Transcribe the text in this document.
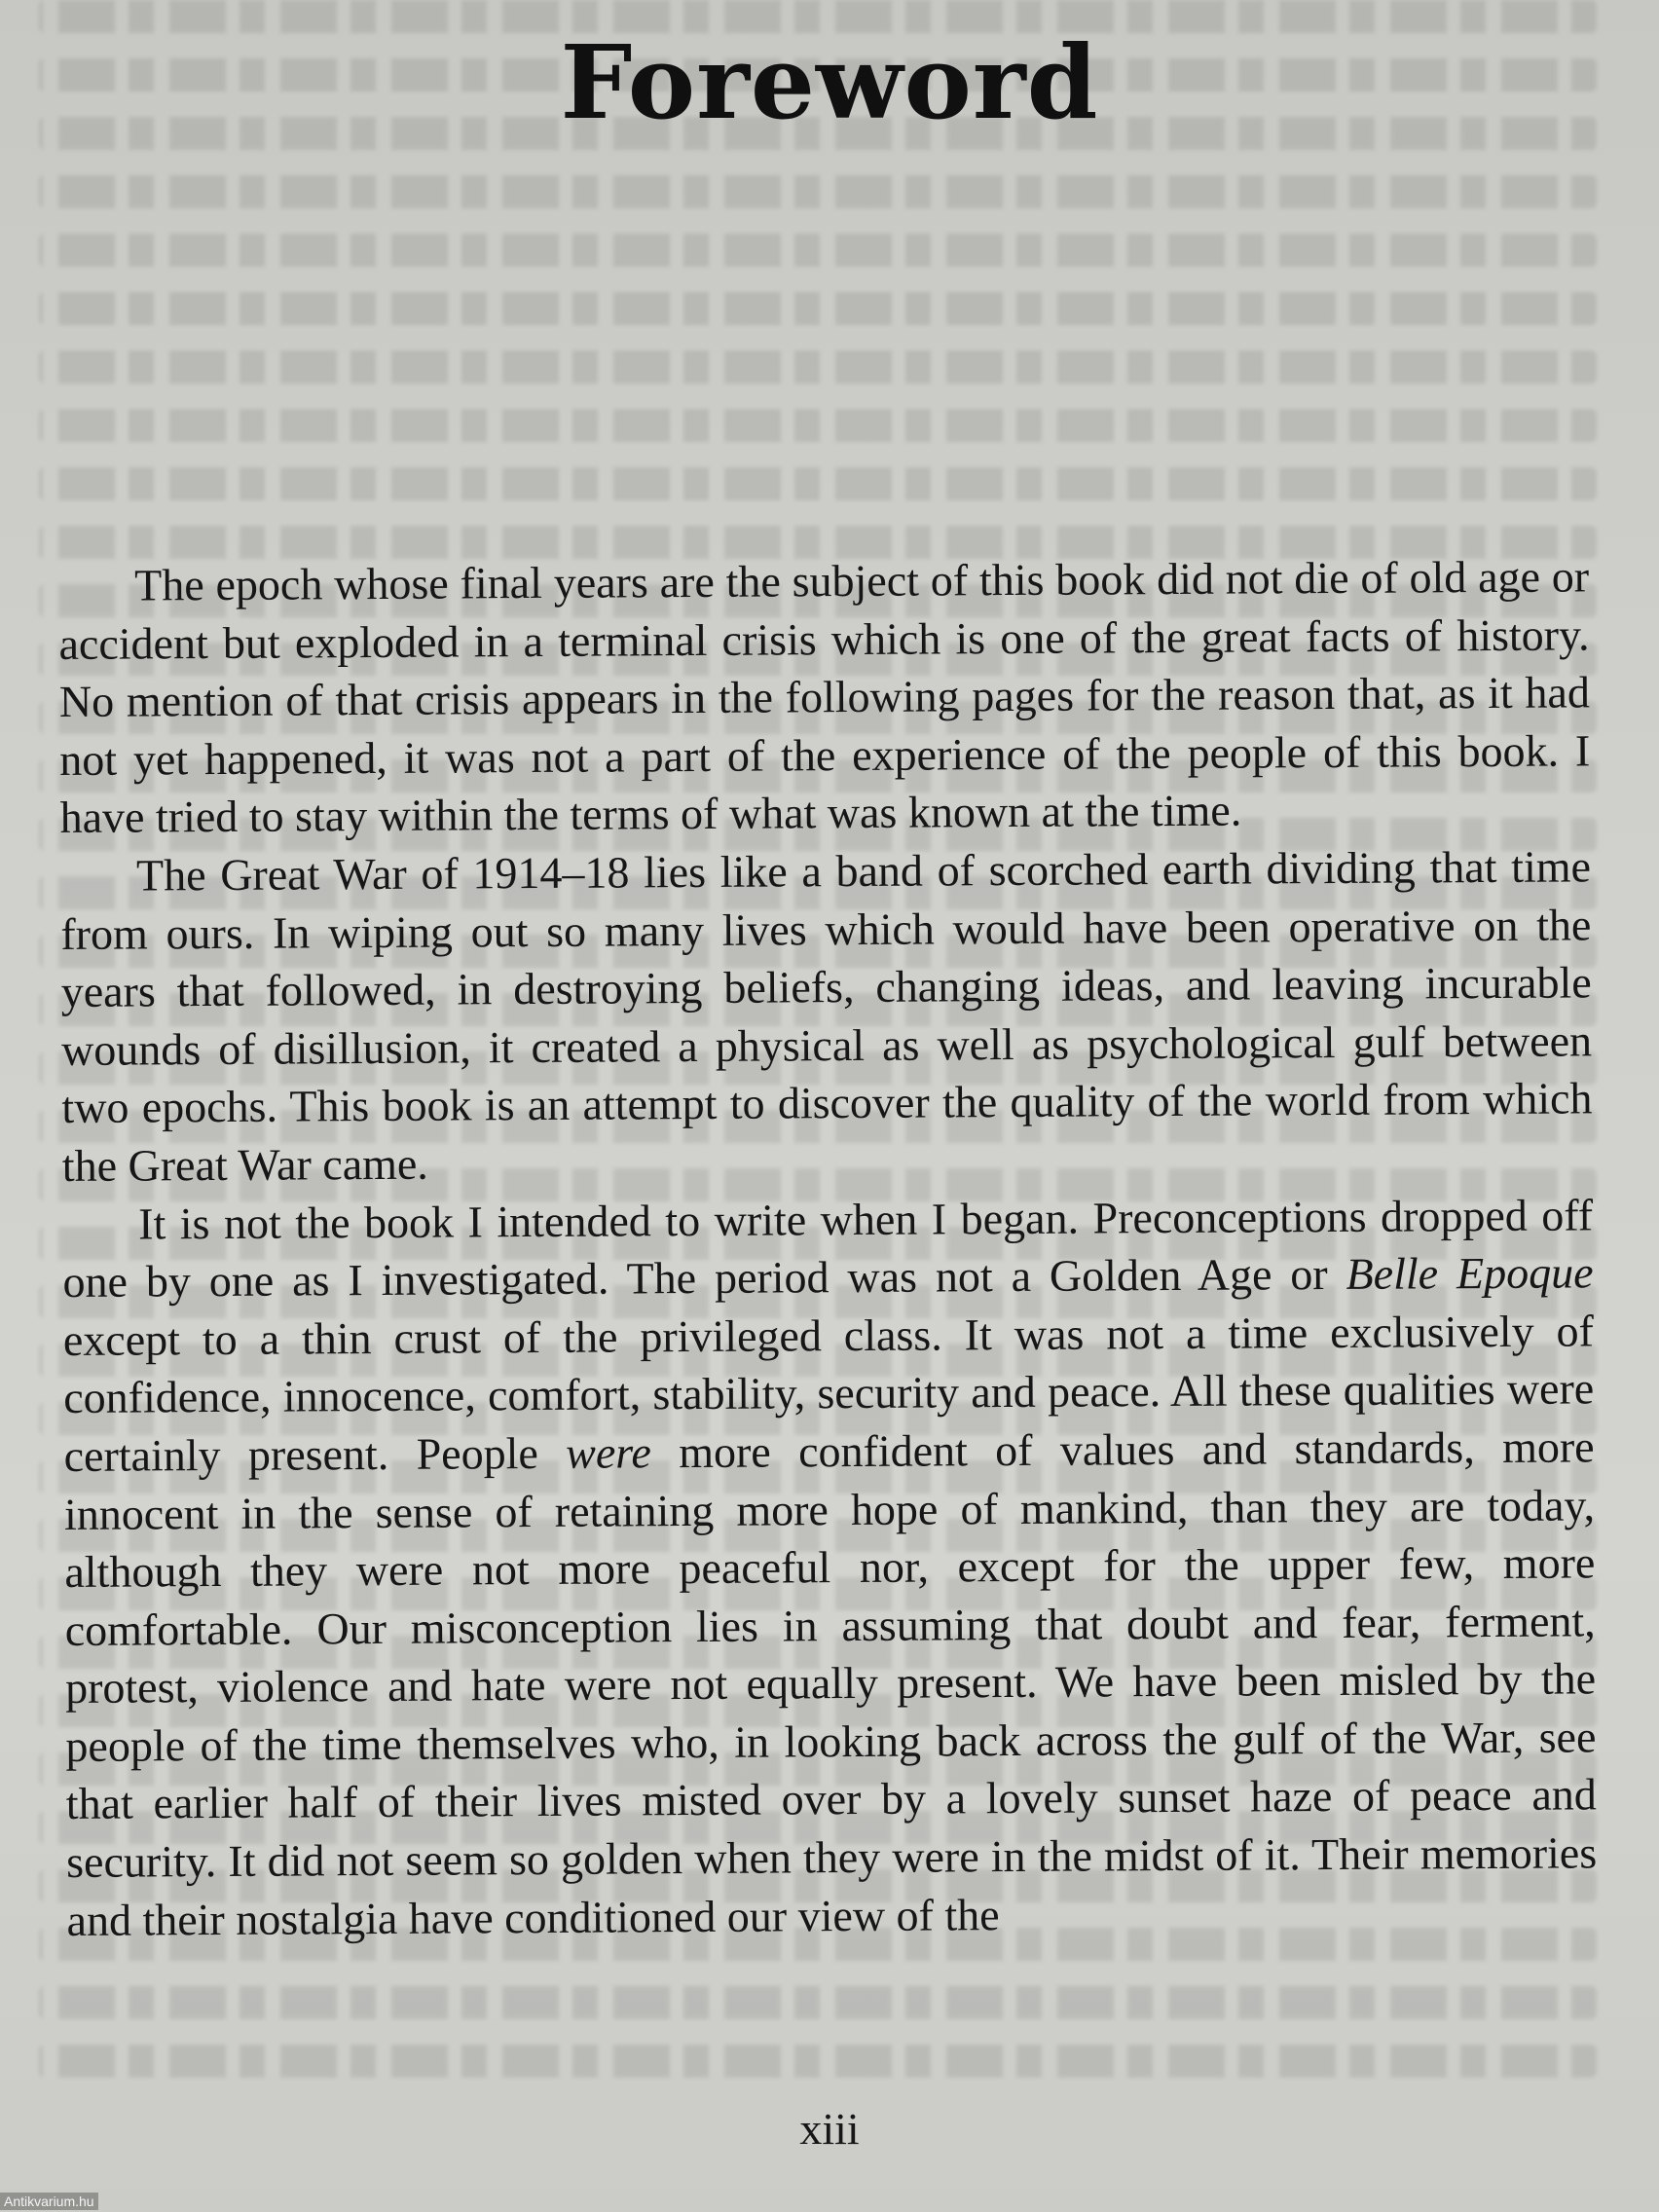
Foreword

The epoch whose final years are the subject of this book did not die of old age or accident but exploded in a terminal crisis which is one of the great facts of history. No mention of that crisis appears in the following pages for the reason that, as it had not yet happened, it was not a part of the experience of the people of this book. I have tried to stay within the terms of what was known at the time.

The Great War of 1914–18 lies like a band of scorched earth dividing that time from ours. In wiping out so many lives which would have been operative on the years that followed, in destroying beliefs, changing ideas, and leaving incurable wounds of disillusion, it created a physical as well as psychological gulf between two epochs. This book is an attempt to discover the quality of the world from which the Great War came.

It is not the book I intended to write when I began. Preconceptions dropped off one by one as I investigated. The period was not a Golden Age or Belle Epoque except to a thin crust of the privileged class. It was not a time exclusively of confidence, innocence, comfort, stability, security and peace. All these qualities were certainly present. People were more confident of values and standards, more innocent in the sense of retaining more hope of mankind, than they are today, although they were not more peaceful nor, except for the upper few, more comfortable. Our misconception lies in assuming that doubt and fear, ferment, protest, violence and hate were not equally present. We have been misled by the people of the time themselves who, in looking back across the gulf of the War, see that earlier half of their lives misted over by a lovely sunset haze of peace and security. It did not seem so golden when they were in the midst of it. Their memories and their nostalgia have conditioned our view of the

xiii
Antikvarium.hu
